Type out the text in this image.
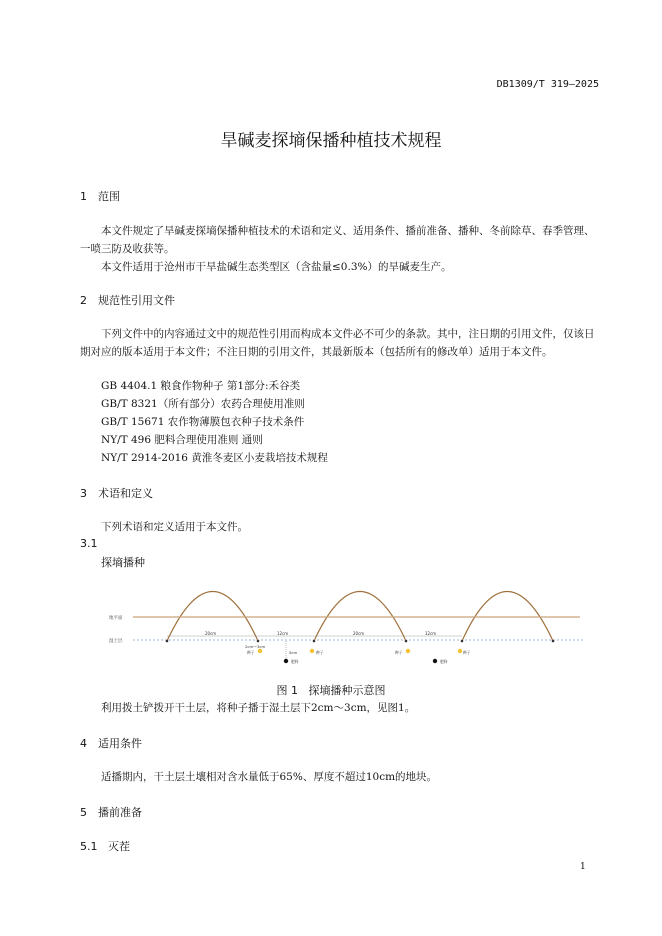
DB1309/T 319—2025
旱碱麦探墒保播种植技术规程
1 范围
本文件规定了旱碱麦探墒保播种植技术的术语和定义、适用条件、播前准备、播种、冬前除草、春季管理、一喷三防及收获等。
本文件适用于沧州市干旱盐碱生态类型区（含盐量≤0.3%）的旱碱麦生产。
2 规范性引用文件
下列文件中的内容通过文中的规范性引用而构成本文件必不可少的条款。其中，注日期的引用文件，仅该日期对应的版本适用于本文件；不注日期的引用文件，其最新版本（包括所有的修改单）适用于本文件。
GB 4404.1 粮食作物种子 第1部分:禾谷类
GB/T 8321（所有部分）农药合理使用准则
GB/T 15671 农作物薄膜包衣种子技术条件
NY/T 496 肥料合理使用准则 通则
NY/T 2914-2016 黄淮冬麦区小麦栽培技术规程
3 术语和定义
下列术语和定义适用于本文件。
3.1
探墒播种
地平面
湿土层
20cm	12cm	20cm	12cm
2cm～3cm
种子	种子	种子	种子
5cm
肥料	肥料
图 1 探墒播种示意图
利用拨土铲拨开干土层，将种子播于湿土层下2cm～3cm，见图1。
4 适用条件
适播期内，干土层土壤相对含水量低于65%、厚度不超过10cm的地块。
5 播前准备
5.1 灭茬
1
